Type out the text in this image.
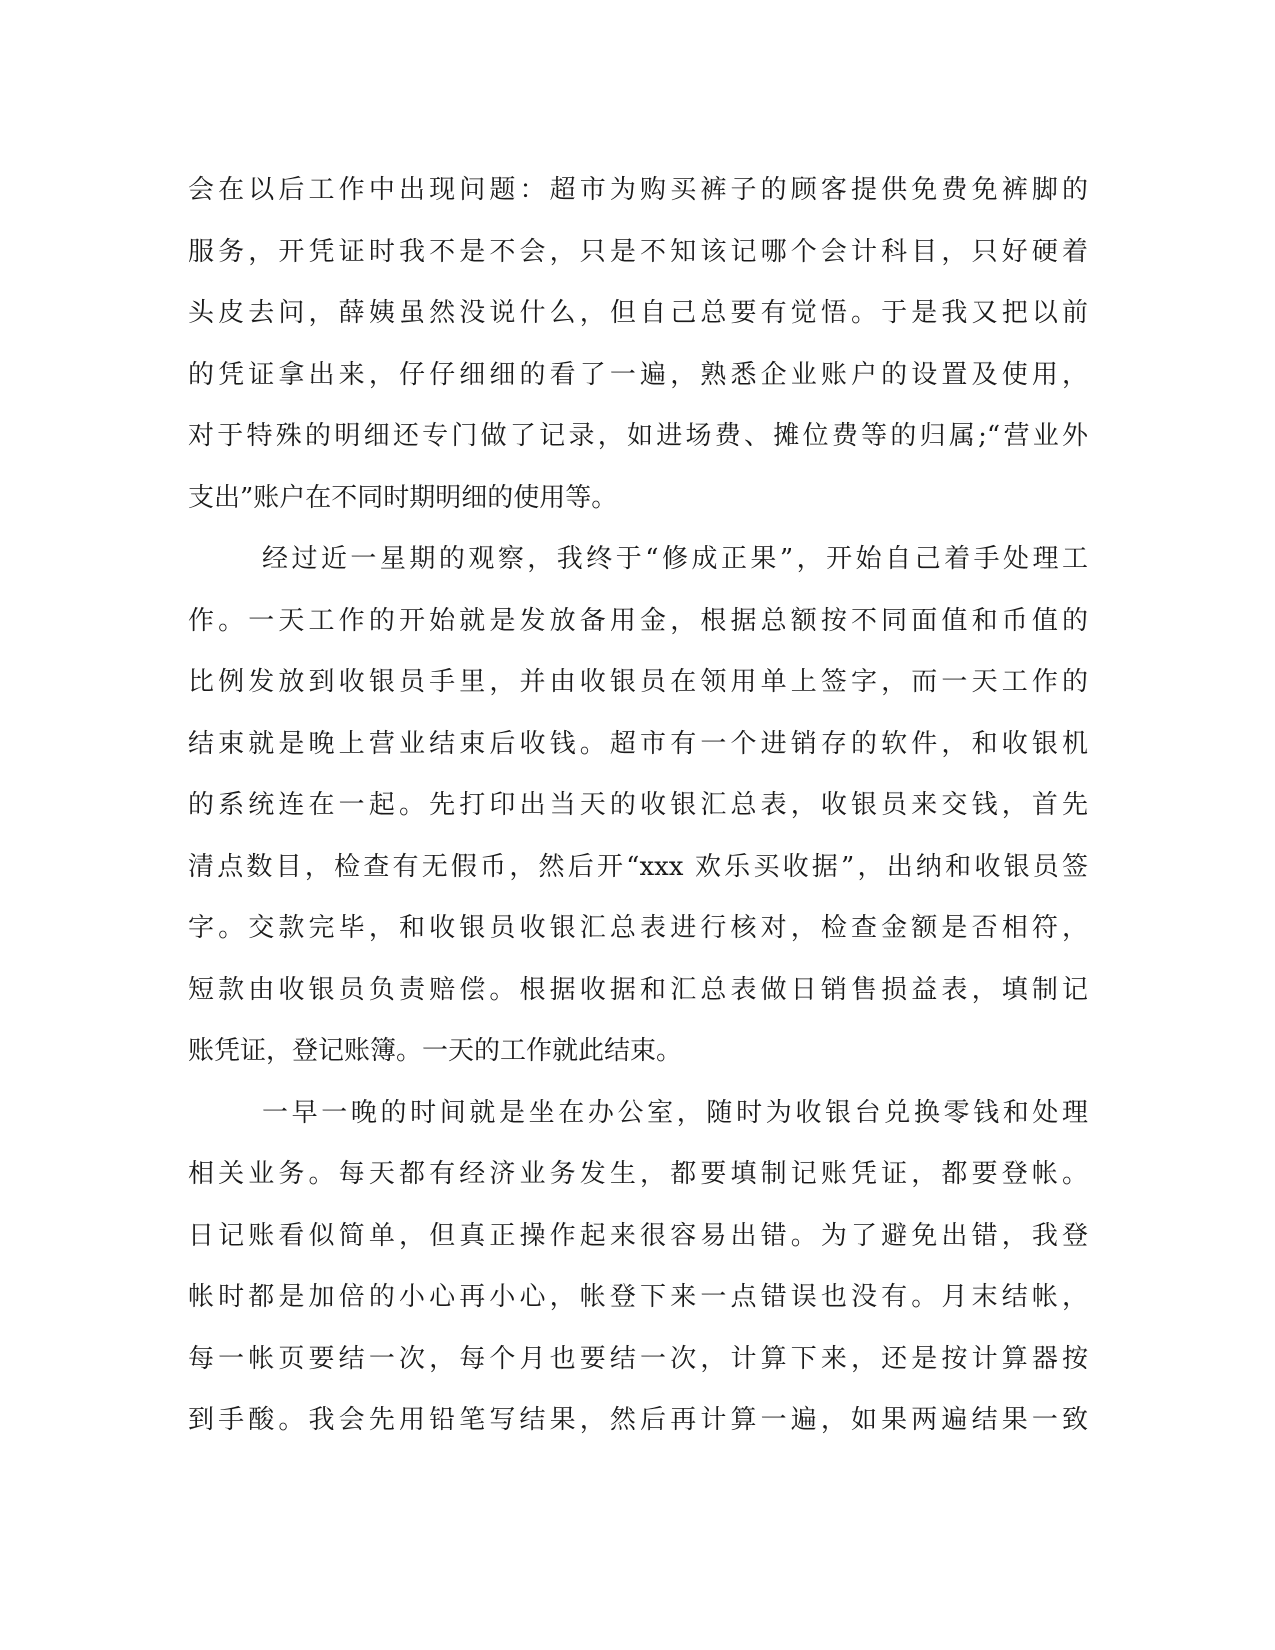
会在以后工作中出现问题：超市为购买裤子的顾客提供免费免裤脚的
服务，开凭证时我不是不会，只是不知该记哪个会计科目，只好硬着
头皮去问，薛姨虽然没说什么，但自己总要有觉悟。于是我又把以前
的凭证拿出来，仔仔细细的看了一遍，熟悉企业账户的设置及使用，
对于特殊的明细还专门做了记录，如进场费、摊位费等的归属;“营业外
支出”账户在不同时期明细的使用等。
经过近一星期的观察，我终于“修成正果”，开始自己着手处理工
作。一天工作的开始就是发放备用金，根据总额按不同面值和币值的
比例发放到收银员手里，并由收银员在领用单上签字，而一天工作的
结束就是晚上营业结束后收钱。超市有一个进销存的软件，和收银机
的系统连在一起。先打印出当天的收银汇总表，收银员来交钱，首先
清点数目，检查有无假币，然后开“xxx 欢乐买收据”，出纳和收银员签
字。交款完毕，和收银员收银汇总表进行核对，检查金额是否相符，
短款由收银员负责赔偿。根据收据和汇总表做日销售损益表，填制记
账凭证，登记账簿。一天的工作就此结束。
一早一晚的时间就是坐在办公室，随时为收银台兑换零钱和处理
相关业务。每天都有经济业务发生，都要填制记账凭证，都要登帐。
日记账看似简单，但真正操作起来很容易出错。为了避免出错，我登
帐时都是加倍的小心再小心，帐登下来一点错误也没有。月末结帐，
每一帐页要结一次，每个月也要结一次，计算下来，还是按计算器按
到手酸。我会先用铅笔写结果，然后再计算一遍，如果两遍结果一致
